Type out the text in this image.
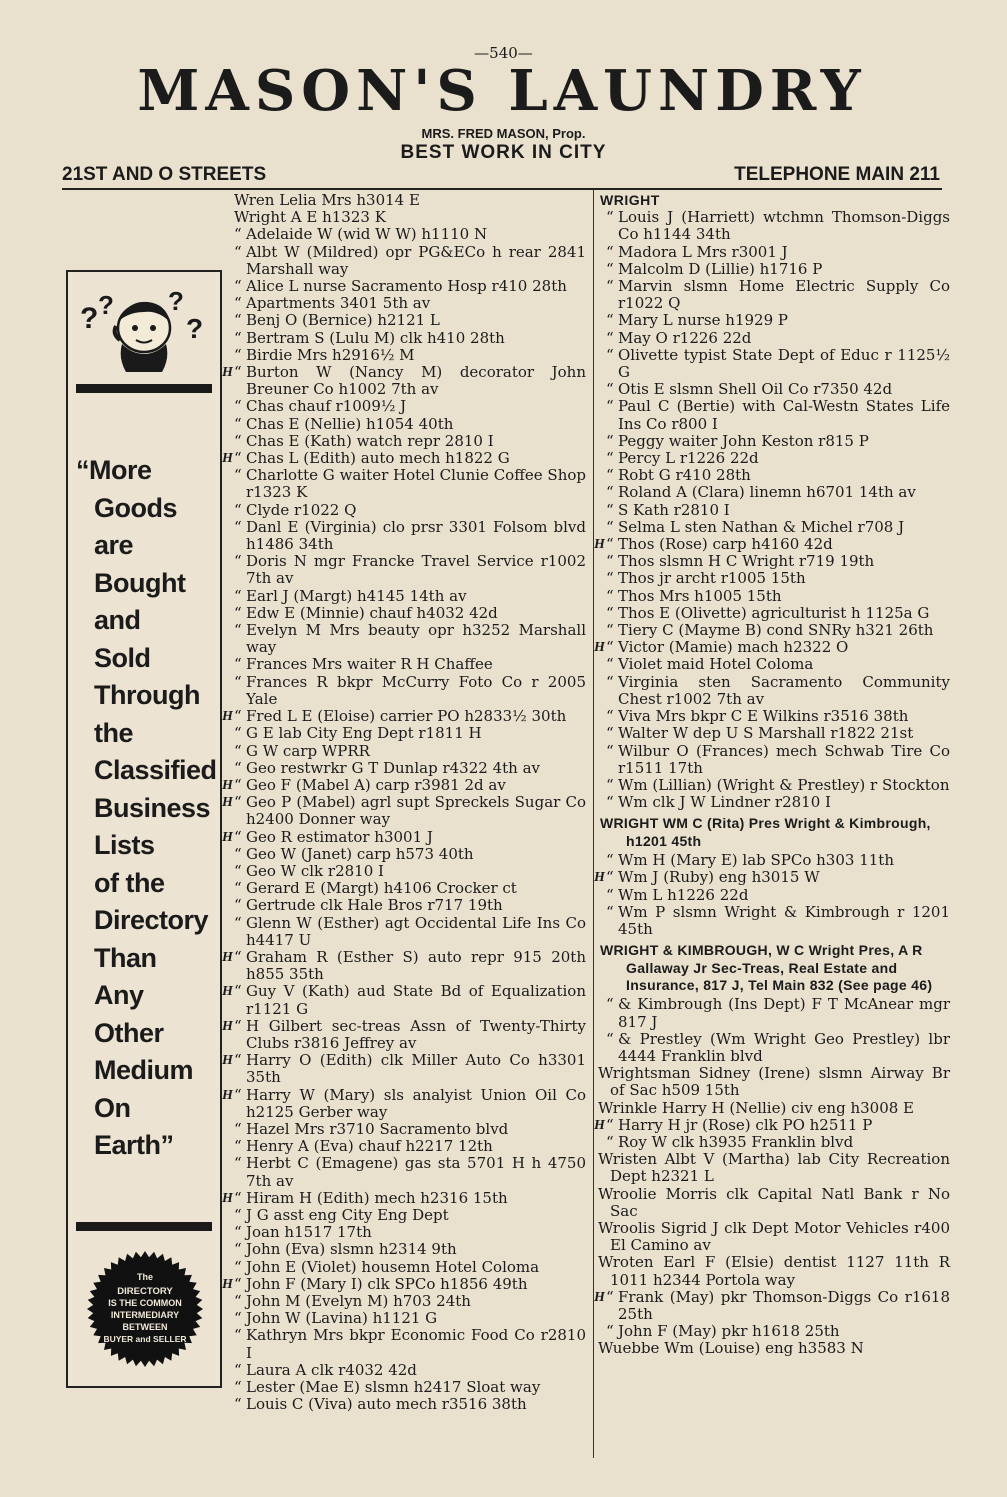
—540—
MASON'S LAUNDRY
MRS. FRED MASON, Prop.
BEST WORK IN CITY
21ST AND O STREETS	TELEPHONE MAIN 211
? ? ?
?
“More
Goods
are
Bought
and
Sold
Through
the
Classified
Business
Lists
of the
Directory
Than
Any
Other
Medium
On
Earth”
The
DIRECTORY
IS THE COMMON
INTERMEDIARY
BETWEEN
BUYER and SELLER
Wren Lelia Mrs h3014 E
Wright A E h1323 K
“ Adelaide W (wid W W) h1110 N
“ Albt W (Mildred) opr PG&ECo h rear 2841 Marshall way
“ Alice L nurse Sacramento Hosp r410 28th
“ Apartments 3401 5th av
“ Benj O (Bernice) h2121 L
“ Bertram S (Lulu M) clk h410 28th
“ Birdie Mrs h2916½ M
“ Burton W (Nancy M) decorator John Breuner Co h1002 7th av
H
“ Chas chauf r1009½ J
“ Chas E (Nellie) h1054 40th
“ Chas E (Kath) watch repr 2810 I
“ Chas L (Edith) auto mech h1822 G
H
“ Charlotte G waiter Hotel Clunie Coffee Shop r1323 K
“ Clyde r1022 Q
“ Danl E (Virginia) clo prsr 3301 Folsom blvd h1486 34th
“ Doris N mgr Francke Travel Service r1002 7th av
“ Earl J (Margt) h4145 14th av
“ Edw E (Minnie) chauf h4032 42d
“ Evelyn M Mrs beauty opr h3252 Marshall way
“ Frances Mrs waiter R H Chaffee
“ Frances R bkpr McCurry Foto Co r 2005 Yale
“ Fred L E (Eloise) carrier PO h2833½ 30th
H
“ G E lab City Eng Dept r1811 H
“ G W carp WPRR
“ Geo restwrkr G T Dunlap r4322 4th av
“ Geo F (Mabel A) carp r3981 2d av
H
“ Geo P (Mabel) agrl supt Spreckels Sugar Co h2400 Donner way
H
“ Geo R estimator h3001 J
H
“ Geo W (Janet) carp h573 40th
“ Geo W clk r2810 I
“ Gerard E (Margt) h4106 Crocker ct
“ Gertrude clk Hale Bros r717 19th
“ Glenn W (Esther) agt Occidental Life Ins Co h4417 U
“ Graham R (Esther S) auto repr 915 20th h855 35th
H
“ Guy V (Kath) aud State Bd of Equalization r1121 G
H
“ H Gilbert sec-treas Assn of Twenty-Thirty Clubs r3816 Jeffrey av
H
“ Harry O (Edith) clk Miller Auto Co h3301 35th
H
“ Harry W (Mary) sls analyist Union Oil Co h2125 Gerber way
H
“ Hazel Mrs r3710 Sacramento blvd
“ Henry A (Eva) chauf h2217 12th
“ Herbt C (Emagene) gas sta 5701 H h 4750 7th av
“ Hiram H (Edith) mech h2316 15th
H
“ J G asst eng City Eng Dept
“ Joan h1517 17th
“ John (Eva) slsmn h2314 9th
“ John E (Violet) housemn Hotel Coloma
“ John F (Mary I) clk SPCo h1856 49th
H
“ John M (Evelyn M) h703 24th
“ John W (Lavina) h1121 G
“ Kathryn Mrs bkpr Economic Food Co r2810 I
“ Laura A clk r4032 42d
“ Lester (Mae E) slsmn h2417 Sloat way
“ Louis C (Viva) auto mech r3516 38th
WRIGHT
“ Louis J (Harriett) wtchmn Thomson-Diggs Co h1144 34th
“ Madora L Mrs r3001 J
“ Malcolm D (Lillie) h1716 P
“ Marvin slsmn Home Electric Supply Co r1022 Q
“ Mary L nurse h1929 P
“ May O r1226 22d
“ Olivette typist State Dept of Educ r 1125½ G
“ Otis E slsmn Shell Oil Co r7350 42d
“ Paul C (Bertie) with Cal-Westn States Life Ins Co r800 I
“ Peggy waiter John Keston r815 P
“ Percy L r1226 22d
“ Robt G r410 28th
“ Roland A (Clara) linemn h6701 14th av
“ S Kath r2810 I
“ Selma L sten Nathan & Michel r708 J
“ Thos (Rose) carp h4160 42d
H
“ Thos slsmn H C Wright r719 19th
“ Thos jr archt r1005 15th
“ Thos Mrs h1005 15th
“ Thos E (Olivette) agriculturist h 1125a G
“ Tiery C (Mayme B) cond SNRy h321 26th
“ Victor (Mamie) mach h2322 O
H
“ Violet maid Hotel Coloma
“ Virginia sten Sacramento Community Chest r1002 7th av
“ Viva Mrs bkpr C E Wilkins r3516 38th
“ Walter W dep U S Marshall r1822 21st
“ Wilbur O (Frances) mech Schwab Tire Co r1511 17th
“ Wm (Lillian) (Wright & Prestley) r Stockton
“ Wm clk J W Lindner r2810 I
WRIGHT WM C (Rita) Pres Wright & Kimbrough, h1201 45th
“ Wm H (Mary E) lab SPCo h303 11th
“ Wm J (Ruby) eng h3015 W
H
“ Wm L h1226 22d
“ Wm P slsmn Wright & Kimbrough r 1201 45th
WRIGHT & KIMBROUGH, W C Wright Pres, A R Gallaway Jr Sec-Treas, Real Estate and Insurance, 817 J, Tel Main 832 (See page 46)
“ & Kimbrough (Ins Dept) F T McAnear mgr 817 J
“ & Prestley (Wm Wright Geo Prestley) lbr 4444 Franklin blvd
Wrightsman Sidney (Irene) slsmn Airway Br of Sac h509 15th
Wrinkle Harry H (Nellie) civ eng h3008 E
“ Harry H jr (Rose) clk PO h2511 P
H
“ Roy W clk h3935 Franklin blvd
Wristen Albt V (Martha) lab City Recreation Dept h2321 L
Wroolie Morris clk Capital Natl Bank r No Sac
Wroolis Sigrid J clk Dept Motor Vehicles r400 El Camino av
Wroten Earl F (Elsie) dentist 1127 11th R 1011 h2344 Portola way
“ Frank (May) pkr Thomson-Diggs Co r1618 25th
H
“ John F (May) pkr h1618 25th
Wuebbe Wm (Louise) eng h3583 N
